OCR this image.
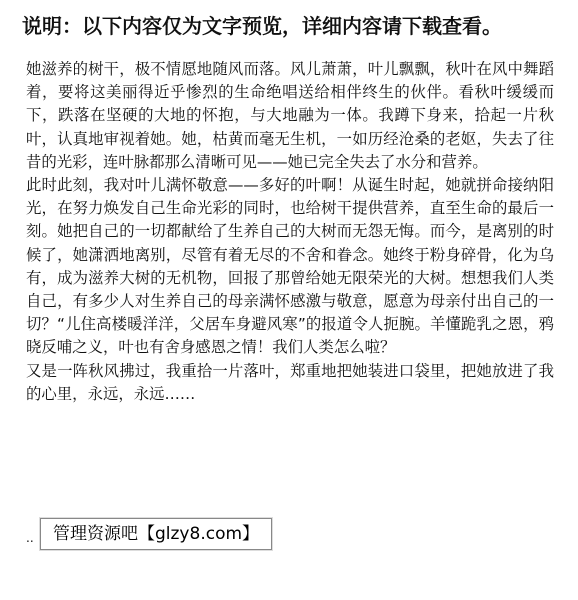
说明：以下内容仅为文字预览，详细内容请下载查看。

她滋养的树干，极不情愿地随风而落。风儿萧萧，叶儿飘飘，秋叶在风中舞蹈着，要将这美丽得近乎惨烈的生命绝唱送给相伴终生的伙伴。看秋叶缓缓而下，跌落在坚硬的大地的怀抱，与大地融为一体。我蹲下身来，拾起一片秋叶，认真地审视着她。她，枯黄而毫无生机，一如历经沧桑的老妪，失去了往昔的光彩，连叶脉都那么清晰可见——她已完全失去了水分和营养。

此时此刻，我对叶儿满怀敬意——多好的叶啊！从诞生时起，她就拼命接纳阳光，在努力焕发自己生命光彩的同时，也给树干提供营养，直至生命的最后一刻。她把自己的一切都献给了生养自己的大树而无怨无悔。而今，是离别的时候了，她潇洒地离别，尽管有着无尽的不舍和眷念。她终于粉身碎骨，化为乌有，成为滋养大树的无机物，回报了那曾给她无限荣光的大树。想想我们人类自己，有多少人对生养自己的母亲满怀感激与敬意，愿意为母亲付出自己的一切？“儿住高楼暖洋洋，父居车身避风寒”的报道令人扼腕。羊懂跪乳之恩，鸦晓反哺之义，叶也有舍身感恩之情！我们人类怎么啦？

又是一阵秋风拂过，我重拾一片落叶，郑重地把她装进口袋里，把她放进了我的心里，永远，永远……

..	管理资源吧【glzy8.com】
